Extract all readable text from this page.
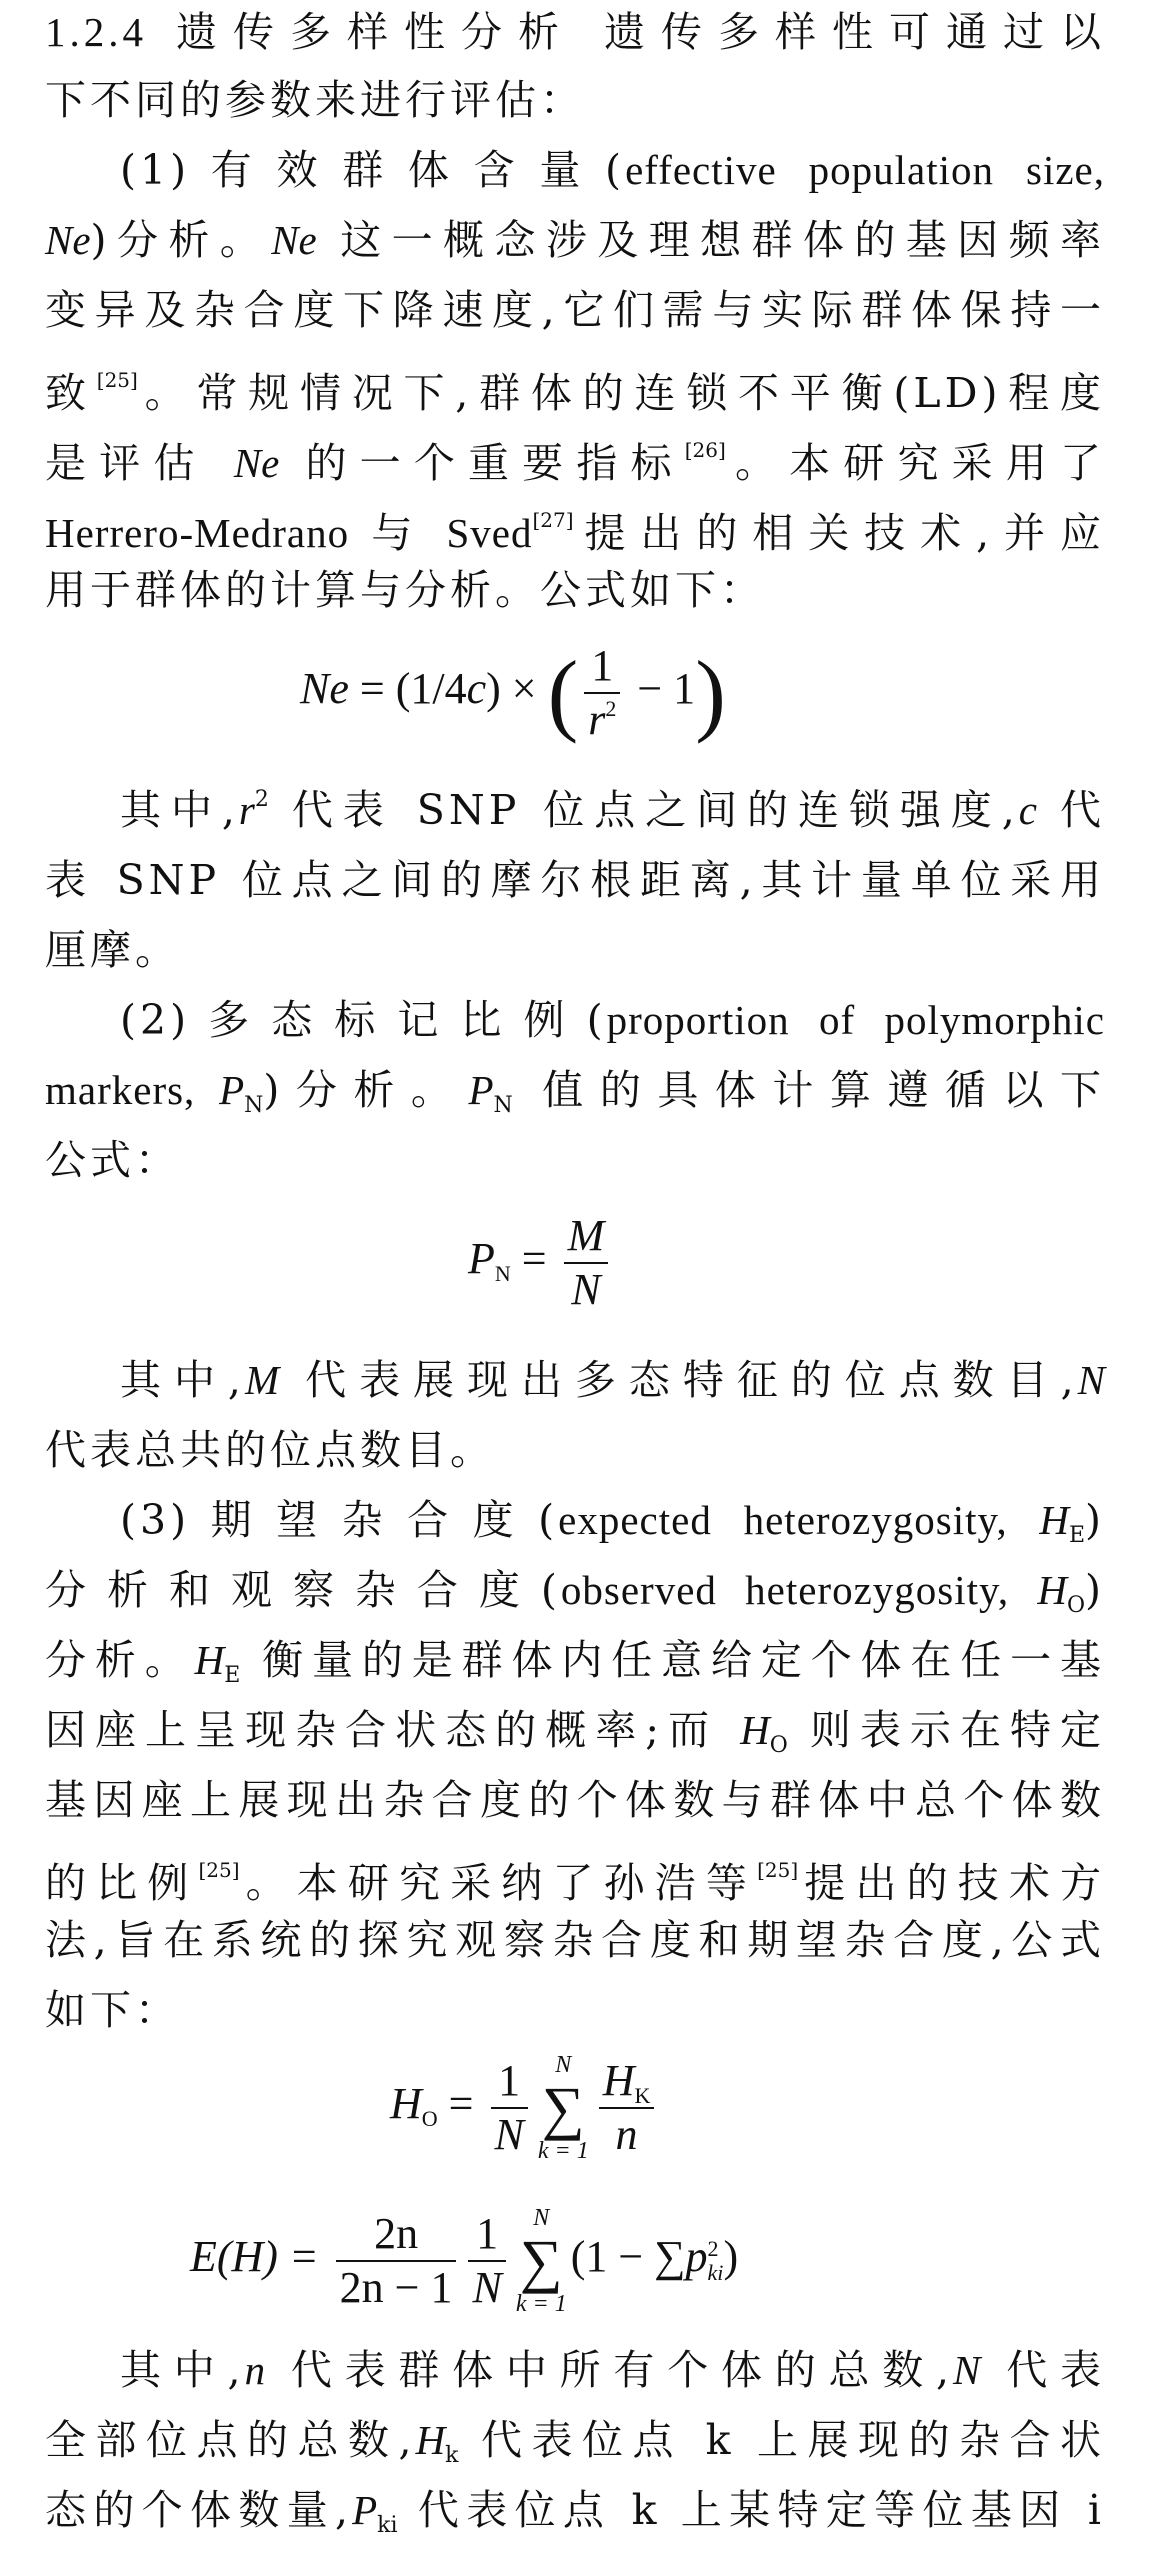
1.2.4 遗传多样性分析 遗传多样性可通过以
下不同的参数来进行评估：
(1)有效群体含量(effective population size,
Ne)分析。Ne 这一概念涉及理想群体的基因频率
变异及杂合度下降速度,它们需与实际群体保持一
致[25]。常规情况下,群体的连锁不平衡(LD)程度
是评估 Ne 的一个重要指标[26]。本研究采用了
Herrero-Medrano 与 Sved[27]提出的相关技术,并应
用于群体的计算与分析。公式如下：
Ne = (1/4c) × ( $\frac{1}{r^2} - 1$)
其中$,r^2$ 代表 SNP 位点之间的连锁强度,c 代
表 SNP 位点之间的摩尔根距离,其计量单位采用
厘摩。
(2)多态标记比例(proportion of polymorphic
markers, $P_N$)分析。$P_N$ 值的具体计算遵循以下
公式：
$P_N = \frac{M}{N}$
其中,M 代表展现出多态特征的位点数目,N
代表总共的位点数目。
(3)期望杂合度(expected heterozygosity, $H_E$)
分析和观察杂合度(observed heterozygosity, $H_O$)
分析。$H_E$ 衡量的是群体内任意给定个体在任一基
因座上呈现杂合状态的概率;而 $H_O$ 则表示在特定
基因座上展现出杂合度的个体数与群体中总个体数
的比例[25]。本研究采纳了孙浩等[25]提出的技术方
法,旨在系统的探究观察杂合度和期望杂合度,公式
如下：
$H_O = \frac{1}{N}$	N
∑
$k = 1 \frac{H_K}{n}$
$E(H) = \frac{2n}{2n - 1} \frac{1}{N}$	N
∑
k = 1
(1 − ∑p 2
ki )
其中,n 代表群体中所有个体的总数,N 代表
全部位点的总数$,H_k$ 代表位点 k 上展现的杂合状
态的个体数量$,P_{ki}$ 代表位点 k 上某特定等位基因 i
